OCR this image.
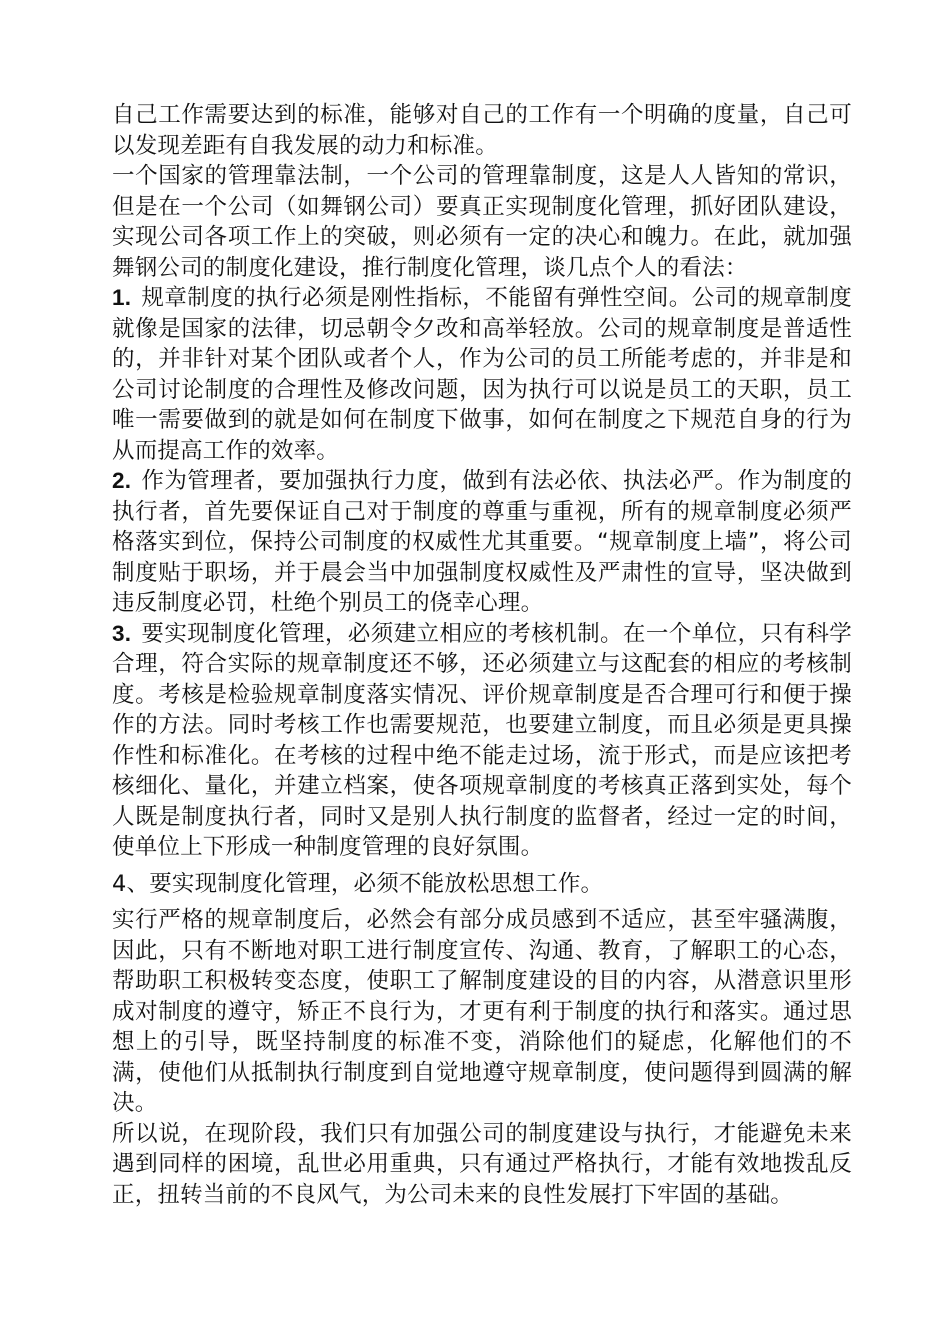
自己工作需要达到的标准，能够对自己的工作有一个明确的度量，自己可以发现差距有自我发展的动力和标准。

一个国家的管理靠法制，一个公司的管理靠制度，这是人人皆知的常识，但是在一个公司（如舞钢公司）要真正实现制度化管理，抓好团队建设，实现公司各项工作上的突破，则必须有一定的决心和魄力。在此，就加强舞钢公司的制度化建设，推行制度化管理，谈几点个人的看法：

1. 规章制度的执行必须是刚性指标，不能留有弹性空间。公司的规章制度就像是国家的法律，切忌朝令夕改和高举轻放。公司的规章制度是普适性的，并非针对某个团队或者个人，作为公司的员工所能考虑的，并非是和公司讨论制度的合理性及修改问题，因为执行可以说是员工的天职，员工唯一需要做到的就是如何在制度下做事，如何在制度之下规范自身的行为从而提高工作的效率。

2. 作为管理者，要加强执行力度，做到有法必依、执法必严。作为制度的执行者，首先要保证自己对于制度的尊重与重视，所有的规章制度必须严格落实到位，保持公司制度的权威性尤其重要。“规章制度上墙”，将公司制度贴于职场，并于晨会当中加强制度权威性及严肃性的宣导，坚决做到违反制度必罚，杜绝个别员工的侥幸心理。

3. 要实现制度化管理，必须建立相应的考核机制。在一个单位，只有科学合理，符合实际的规章制度还不够，还必须建立与这配套的相应的考核制度。考核是检验规章制度落实情况、评价规章制度是否合理可行和便于操作的方法。同时考核工作也需要规范，也要建立制度，而且必须是更具操作性和标准化。在考核的过程中绝不能走过场，流于形式，而是应该把考核细化、量化，并建立档案，使各项规章制度的考核真正落到实处，每个人既是制度执行者，同时又是别人执行制度的监督者，经过一定的时间，使单位上下形成一种制度管理的良好氛围。

4、要实现制度化管理，必须不能放松思想工作。

实行严格的规章制度后，必然会有部分成员感到不适应，甚至牢骚满腹，因此，只有不断地对职工进行制度宣传、沟通、教育，了解职工的心态，帮助职工积极转变态度，使职工了解制度建设的目的内容，从潜意识里形成对制度的遵守，矫正不良行为，才更有利于制度的执行和落实。通过思想上的引导，既坚持制度的标准不变，消除他们的疑虑，化解他们的不满，使他们从抵制执行制度到自觉地遵守规章制度，使问题得到圆满的解决。

所以说，在现阶段，我们只有加强公司的制度建设与执行，才能避免未来遇到同样的困境，乱世必用重典，只有通过严格执行，才能有效地拨乱反正，扭转当前的不良风气，为公司未来的良性发展打下牢固的基础。
